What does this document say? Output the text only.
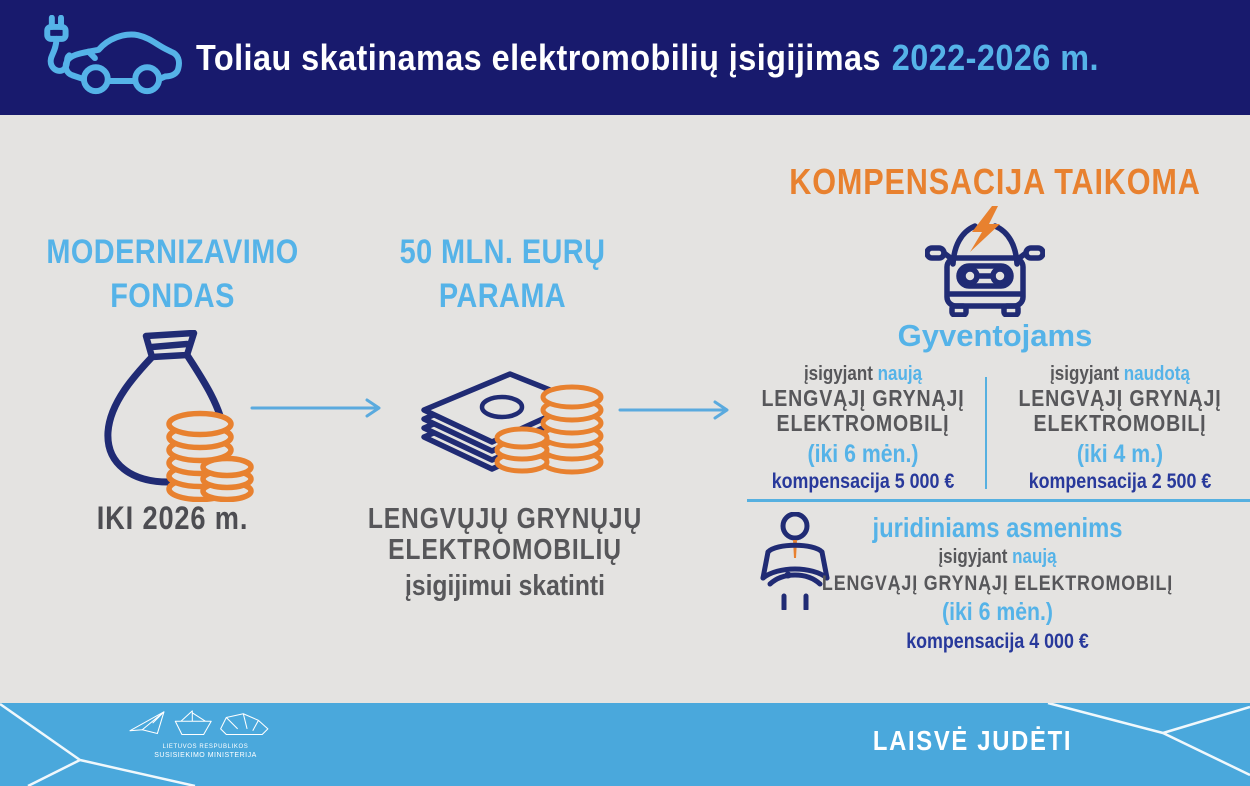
Toliau skatinamas elektromobilių įsigijimas 2022-2026 m.
MODERNIZAVIMO
FONDAS
IKI 2026 m.
50 MLN. EURŲ
PARAMA
LENGVŲJŲ GRYNŲJŲ
ELEKTROMOBILIŲ
įsigijimui skatinti
KOMPENSACIJA TAIKOMA
Gyventojams
įsigyjant naują
LENGVĄJĮ GRYNĄJĮ
ELEKTROMOBILĮ
(iki 6 mėn.)
kompensacija 5 000 €
įsigyjant naudotą
LENGVĄJĮ GRYNĄJĮ
ELEKTROMOBILĮ
(iki 4 m.)
kompensacija 2 500 €
juridiniams asmenims
įsigyjant naują
LENGVĄJĮ GRYNĄJĮ ELEKTROMOBILĮ
(iki 6 mėn.)
kompensacija 4 000 €
LIETUVOS RESPUBLIKOS
SUSISIEKIMO MINISTERIJA	LAISVĖ JUDĖTI
